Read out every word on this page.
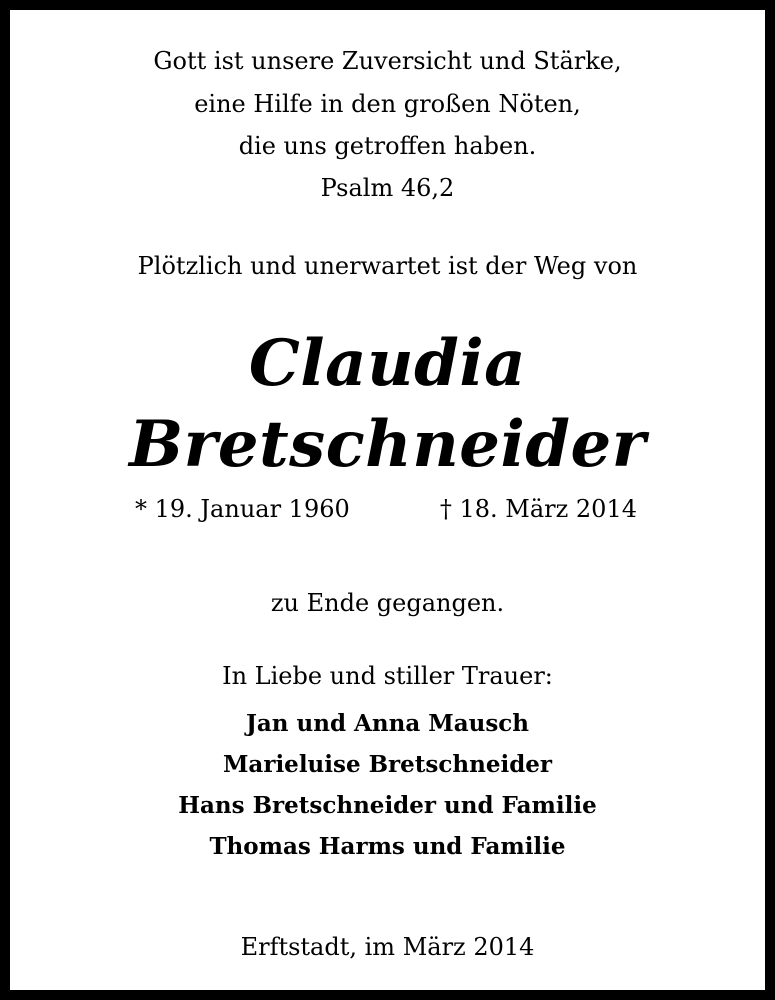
Gott ist unsere Zuversicht und Stärke,
eine Hilfe in den großen Nöten,
die uns getroffen haben.
Psalm 46,2
Plötzlich und unerwartet ist der Weg von
Claudia
Bretschneider
* 19. Januar 1960	† 18. März 2014
zu Ende gegangen.
In Liebe und stiller Trauer:
Jan und Anna Mausch
Marieluise Bretschneider
Hans Bretschneider und Familie
Thomas Harms und Familie
Erftstadt, im März 2014
